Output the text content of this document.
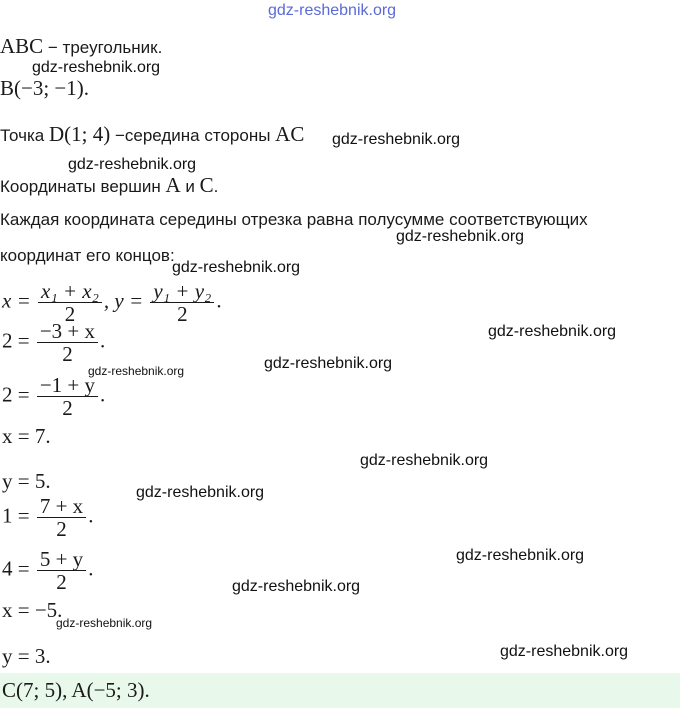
gdz-reshebnik.org
ABC − треугольник.
gdz-reshebnik.org
B(−3; −1).
Точка D(1; 4) −середина стороны AC gdz-reshebnik.org
gdz-reshebnik.org
Координаты вершин A и C.
Каждая координата середины отрезка равна полусумме соответствующих
gdz-reshebnik.org
координат его концов:
gdz-reshebnik.org
$x = \frac{\text{x₁ + x₂}}{2}$ , $y = \frac{\text{y₁ + y₂}}{2}$ .
gdz-reshebnik.org
$2 = \frac{-3 + x}{2}$ .
gdz-reshebnik.org	gdz-reshebnik.org
$2 = \frac{-1 + y}{2}$ .
x = 7.
gdz-reshebnik.org
y = 5.	gdz-reshebnik.org
$1 = \frac{7 + x}{2}$ .
gdz-reshebnik.org
$4 = \frac{5 + y}{2}$ .
gdz-reshebnik.org
x = −5.
gdz-reshebnik.org
y = 3.	gdz-reshebnik.org
C(7; 5), A(−5; 3).
